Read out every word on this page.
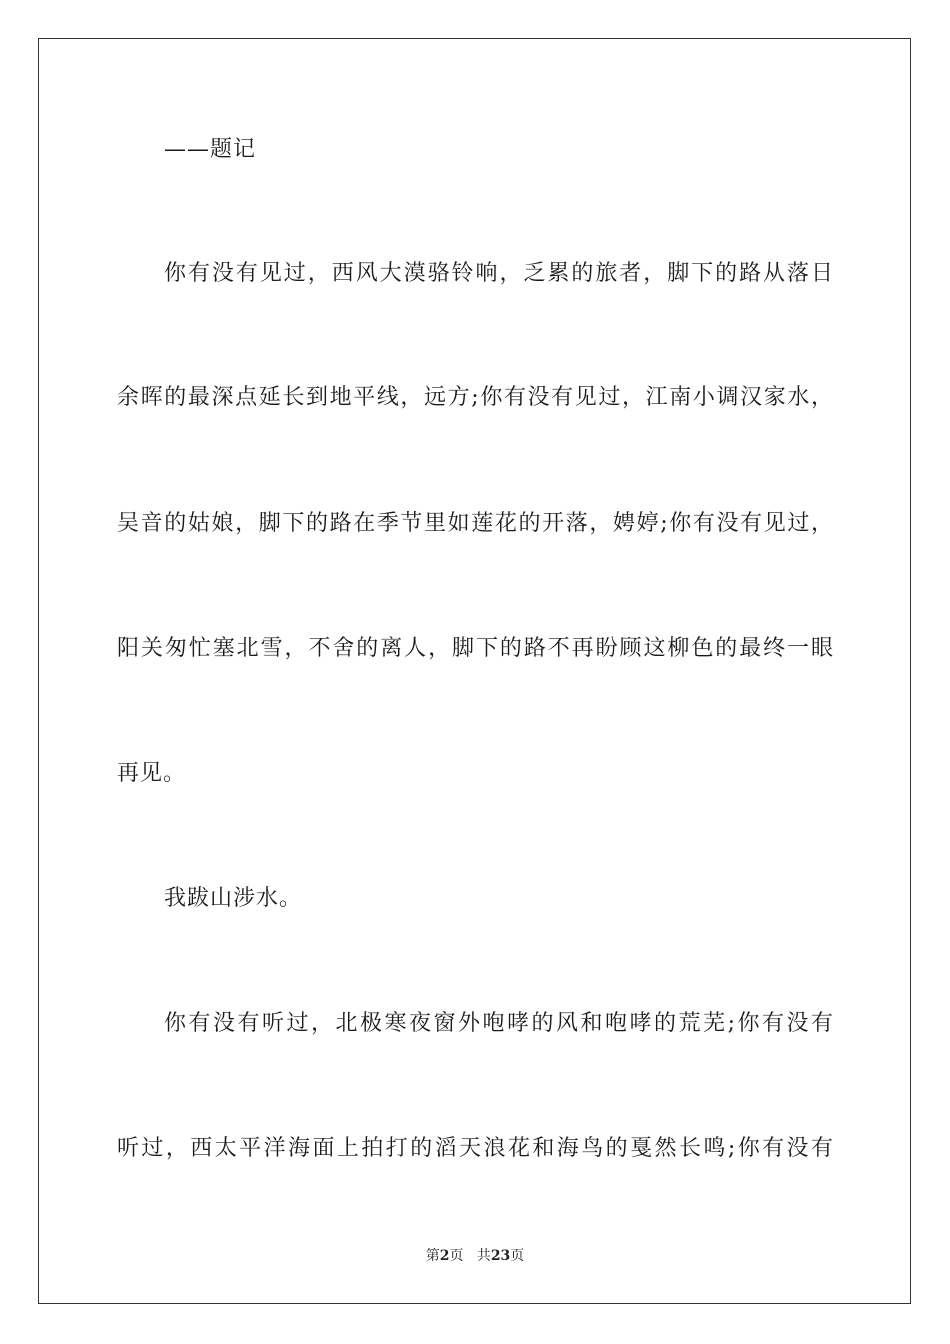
——题记
你有没有见过，西风大漠骆铃响，乏累的旅者，脚下的路从落日
余晖的最深点延长到地平线，远方;你有没有见过，江南小调汉家水，
吴音的姑娘，脚下的路在季节里如莲花的开落，娉婷;你有没有见过，
阳关匆忙塞北雪，不舍的离人，脚下的路不再盼顾这柳色的最终一眼
再见。
我跋山涉水。
你有没有听过，北极寒夜窗外咆哮的风和咆哮的荒芜;你有没有
听过，西太平洋海面上拍打的滔天浪花和海鸟的戛然长鸣;你有没有
第2页 共23页
